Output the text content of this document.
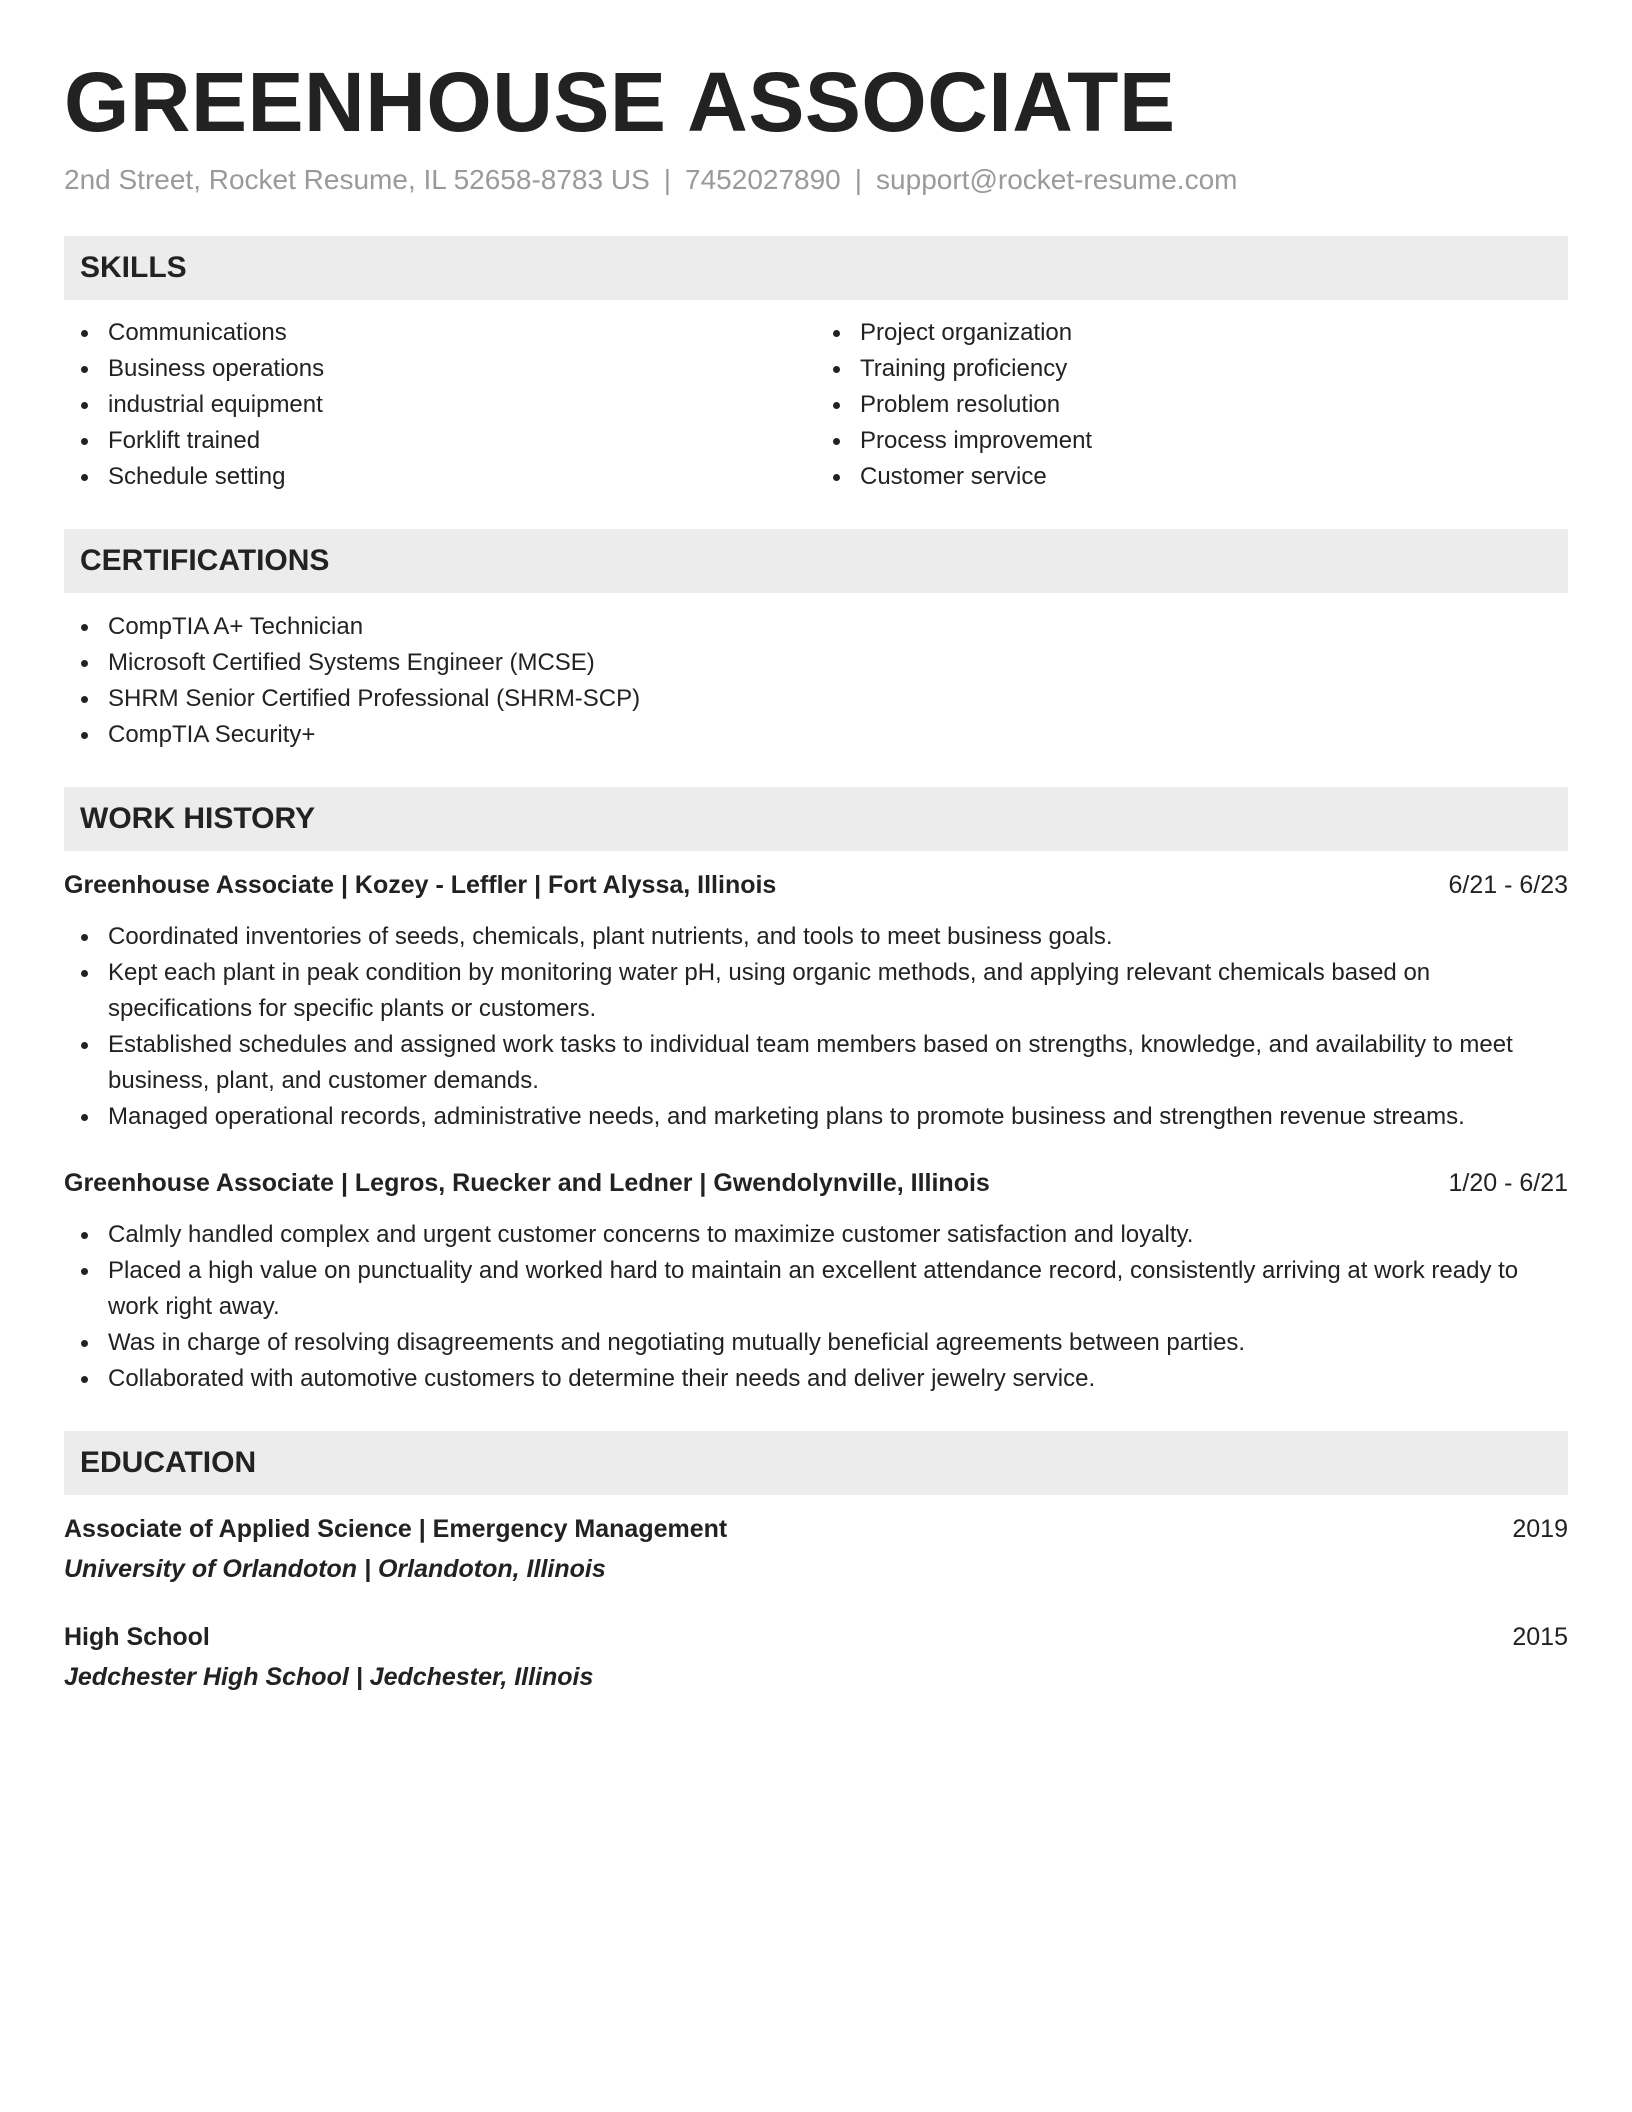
GREENHOUSE ASSOCIATE
2nd Street, Rocket Resume, IL 52658-8783 US | 7452027890 | support@rocket-resume.com
SKILLS
Communications
Business operations
industrial equipment
Forklift trained
Schedule setting
Project organization
Training proficiency
Problem resolution
Process improvement
Customer service
CERTIFICATIONS
CompTIA A+ Technician
Microsoft Certified Systems Engineer (MCSE)
SHRM Senior Certified Professional (SHRM-SCP)
CompTIA Security+
WORK HISTORY
Greenhouse Associate | Kozey - Leffler | Fort Alyssa, Illinois	6/21 - 6/23
Coordinated inventories of seeds, chemicals, plant nutrients, and tools to meet business goals.
Kept each plant in peak condition by monitoring water pH, using organic methods, and applying relevant chemicals based on specifications for specific plants or customers.
Established schedules and assigned work tasks to individual team members based on strengths, knowledge, and availability to meet business, plant, and customer demands.
Managed operational records, administrative needs, and marketing plans to promote business and strengthen revenue streams.
Greenhouse Associate | Legros, Ruecker and Ledner | Gwendolynville, Illinois	1/20 - 6/21
Calmly handled complex and urgent customer concerns to maximize customer satisfaction and loyalty.
Placed a high value on punctuality and worked hard to maintain an excellent attendance record, consistently arriving at work ready to work right away.
Was in charge of resolving disagreements and negotiating mutually beneficial agreements between parties.
Collaborated with automotive customers to determine their needs and deliver jewelry service.
EDUCATION
Associate of Applied Science | Emergency Management	2019
University of Orlandoton | Orlandoton, Illinois
High School	2015
Jedchester High School | Jedchester, Illinois
